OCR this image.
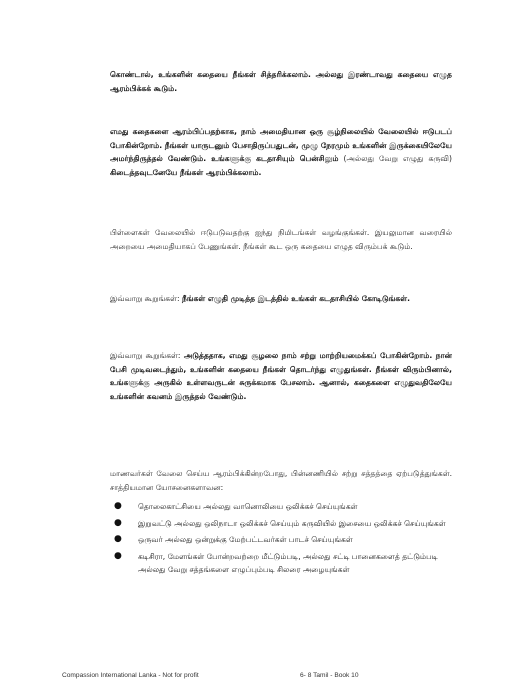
கொண்டால், உங்களின் கதையை நீங்கள் சித்தரிக்கலாம். அல்லது இரண்டாவது கதையை எழுத ஆரம்பிக்கக் கூடும்.
எமது கதைகளை ஆரம்பிப்பதற்காக, நாம் அமைதியான ஒரு சூழ்நிலையில் வேலையில் ஈடுபடப் போகின்றோம். நீங்கள் யாருடனும் பேசாதிருப்பதுடன், முழு நேரமும் உங்களின் இருக்கையிலேயே அமர்ந்திருத்தல் வேண்டும். உங்களுக்கு கடதாசியும் பென்சிலும் (அல்லது வேறு எழுது கருவி) கிடைத்தவுடனேயே நீங்கள் ஆரம்பிக்கலாம்.
பிள்ளைகள் வேலையில் ஈடுபடுவதற்கு ஐந்து நிமிடங்கள் வழங்குங்கள். இயலுமான வரையில் அறையை அமைதியாகப் பேணுங்கள். நீங்கள் கூட ஒரு கதையை எழுத விரும்பக் கூடும்.
இவ்வாறு கூறுங்கள்: நீங்கள் எழுதி முடித்த இடத்தில் உங்கள் கடதாசியில் கோடிடுங்கள்.
இவ்வாறு கூறுங்கள்: அடுத்ததாக, எமது சூழலை நாம் சற்று மாற்றியமைக்கப் போகின்றோம். நான் பேசி முடிவடைந்தும், உங்களின் கதையை நீங்கள் தொடர்ந்து எழுதுங்கள். நீங்கள் விரும்பினால், உங்களுக்கு அருகில் உள்ளவருடன் சுருக்கமாக பேசலாம். ஆனால், கதைகளை எழுதுவதிலேயே உங்களின் கவனம் இருத்தல் வேண்டும்.
மாணவர்கள் வேலை செய்ய ஆரம்பிக்கின்றபோது, பின்னணியில் சற்று சத்தத்தை ஏற்படுத்துங்கள். சாத்தியமான யோசனைகளாவன:
● தொலைகாட்சியை அல்லது வானொலியை ஒலிக்கச் செய்யுங்கள்
● இறுவட்டு அல்லது ஒலிநாடா ஒலிக்கச் செய்யும் கருவியில் இசையை ஒலிக்கச் செய்யுங்கள்
● ஒருவர் அல்லது ஒன்றுக்கு மேற்பட்டவர்கள் பாடச் செய்யுங்கள்
● கடிசிரா, மேளங்கள் போன்றவற்றை மீட்டும்படி, அல்லது சட்டி பானைகளைத் தட்டும்படி அல்லது வேறு சத்தங்களை எழுப்பும்படி சிலரை அழையுங்கள்
Compassion International Lanka - Not for profit	6- 8 Tamil - Book 10
